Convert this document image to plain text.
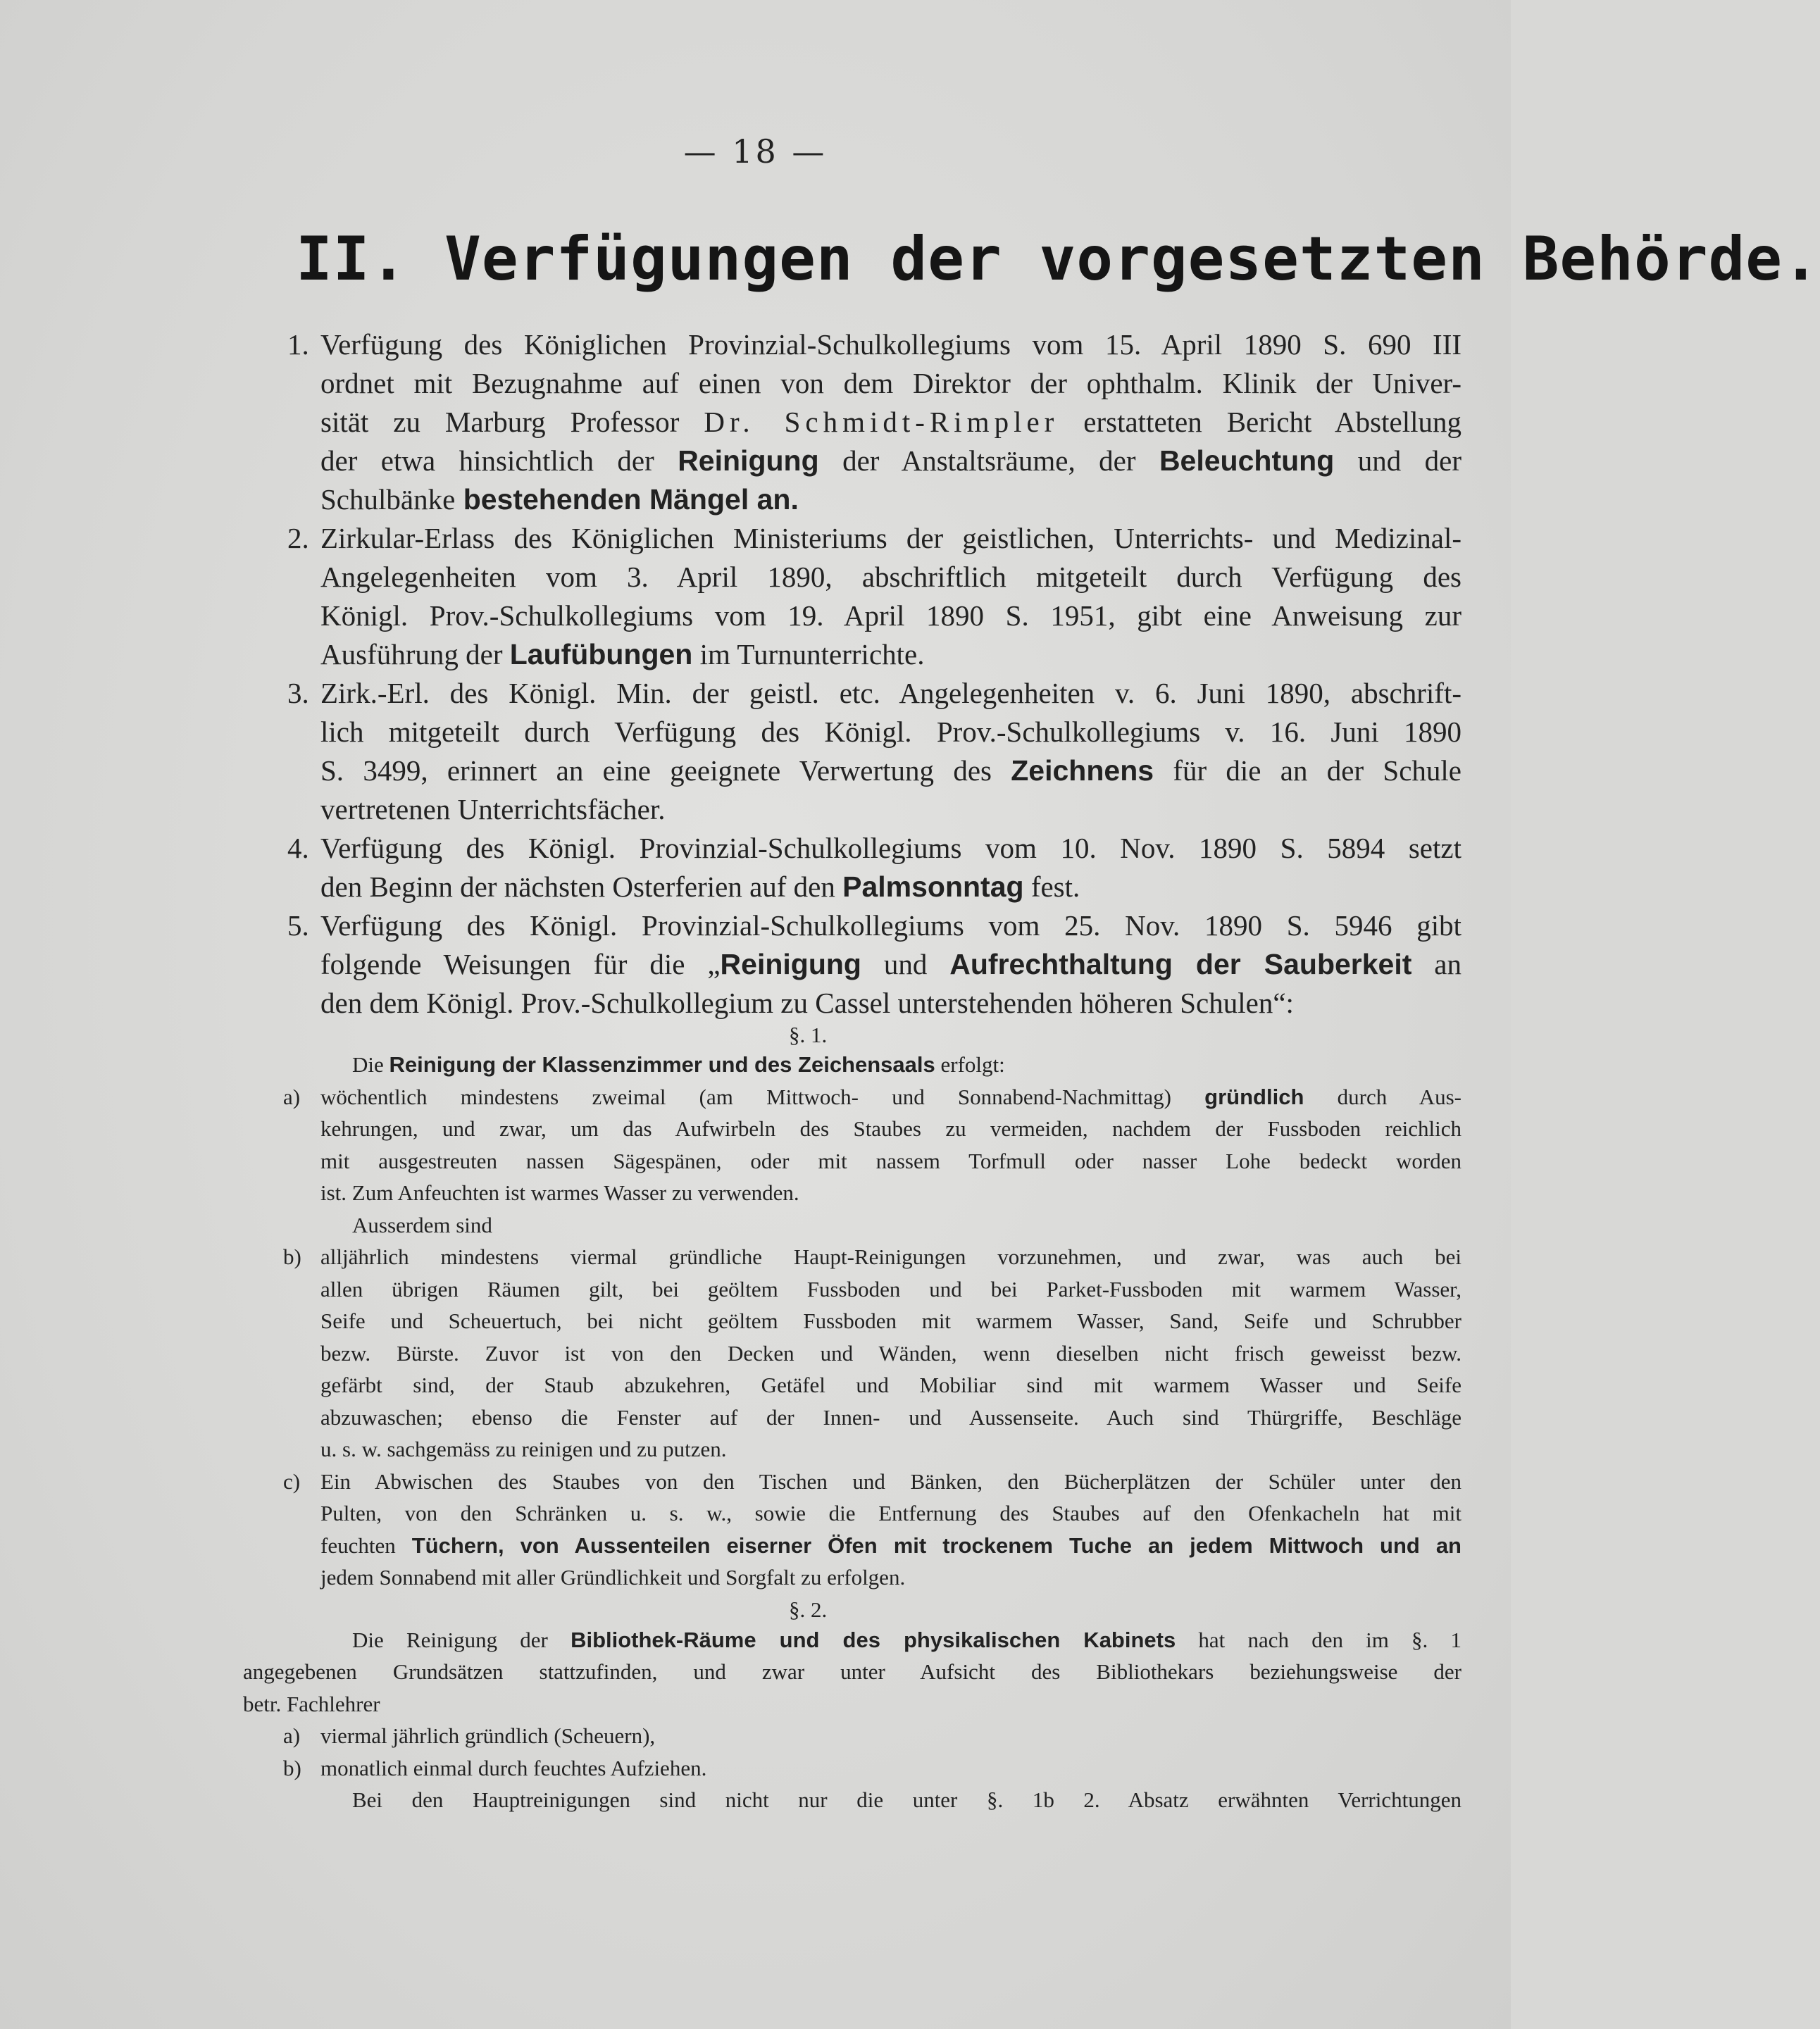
— 18 —
II. Verfügungen der vorgesetzten Behörde.
1. Verfügung des Königlichen Provinzial-Schulkollegiums vom 15. April 1890 S. 690 III
ordnet mit Bezugnahme auf einen von dem Direktor der ophthalm. Klinik der Univer-
sität zu Marburg Professor Dr. Schmidt-Rimpler erstatteten Bericht Abstellung
der etwa hinsichtlich der Reinigung der Anstaltsräume, der Beleuchtung und der
Schulbänke bestehenden Mängel an.
2. Zirkular-Erlass des Königlichen Ministeriums der geistlichen, Unterrichts- und Medizinal-
Angelegenheiten vom 3. April 1890, abschriftlich mitgeteilt durch Verfügung des
Königl. Prov.-Schulkollegiums vom 19. April 1890 S. 1951, gibt eine Anweisung zur
Ausführung der Laufübungen im Turnunterrichte.
3. Zirk.-Erl. des Königl. Min. der geistl. etc. Angelegenheiten v. 6. Juni 1890, abschrift-
lich mitgeteilt durch Verfügung des Königl. Prov.-Schulkollegiums v. 16. Juni 1890
S. 3499, erinnert an eine geeignete Verwertung des Zeichnens für die an der Schule
vertretenen Unterrichtsfächer.
4. Verfügung des Königl. Provinzial-Schulkollegiums vom 10. Nov. 1890 S. 5894 setzt
den Beginn der nächsten Osterferien auf den Palmsonntag fest.
5. Verfügung des Königl. Provinzial-Schulkollegiums vom 25. Nov. 1890 S. 5946 gibt
folgende Weisungen für die „Reinigung und Aufrechthaltung der Sauberkeit an
den dem Königl. Prov.-Schulkollegium zu Cassel unterstehenden höheren Schulen“:
§. 1.
Die Reinigung der Klassenzimmer und des Zeichensaals erfolgt:
a) wöchentlich mindestens zweimal (am Mittwoch- und Sonnabend-Nachmittag) gründlich durch Aus-
kehrungen, und zwar, um das Aufwirbeln des Staubes zu vermeiden, nachdem der Fussboden reichlich
mit ausgestreuten nassen Sägespänen, oder mit nassem Torfmull oder nasser Lohe bedeckt worden
ist. Zum Anfeuchten ist warmes Wasser zu verwenden.
Ausserdem sind
b) alljährlich mindestens viermal gründliche Haupt-Reinigungen vorzunehmen, und zwar, was auch bei
allen übrigen Räumen gilt, bei geöltem Fussboden und bei Parket-Fussboden mit warmem Wasser,
Seife und Scheuertuch, bei nicht geöltem Fussboden mit warmem Wasser, Sand, Seife und Schrubber
bezw. Bürste. Zuvor ist von den Decken und Wänden, wenn dieselben nicht frisch geweisst bezw.
gefärbt sind, der Staub abzukehren, Getäfel und Mobiliar sind mit warmem Wasser und Seife
abzuwaschen; ebenso die Fenster auf der Innen- und Aussenseite. Auch sind Thürgriffe, Beschläge
u. s. w. sachgemäss zu reinigen und zu putzen.
c) Ein Abwischen des Staubes von den Tischen und Bänken, den Bücherplätzen der Schüler unter den
Pulten, von den Schränken u. s. w., sowie die Entfernung des Staubes auf den Ofenkacheln hat mit
feuchten Tüchern, von Aussenteilen eiserner Öfen mit trockenem Tuche an jedem Mittwoch und an
jedem Sonnabend mit aller Gründlichkeit und Sorgfalt zu erfolgen.
§. 2.
Die Reinigung der Bibliothek-Räume und des physikalischen Kabinets hat nach den im §. 1
angegebenen Grundsätzen stattzufinden, und zwar unter Aufsicht des Bibliothekars beziehungsweise der
betr. Fachlehrer
a) viermal jährlich gründlich (Scheuern),
b) monatlich einmal durch feuchtes Aufziehen.
Bei den Hauptreinigungen sind nicht nur die unter §. 1b 2. Absatz erwähnten Verrichtungen
